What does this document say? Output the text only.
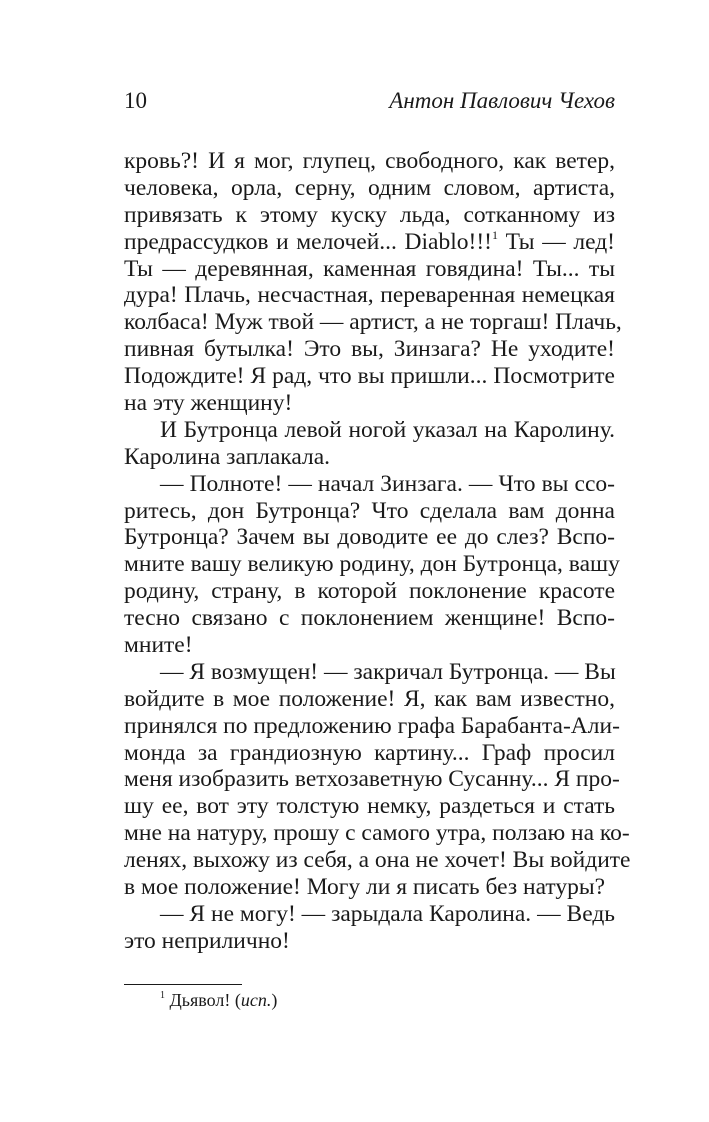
10	Антон Павлович Чехов
кровь?! И я мог, глупец, свободного, как ветер,
человека, орла, серну, одним словом, артиста,
привязать к этому куску льда, сотканному из
предрассудков и мелочей... Diablo!!!$^1$ Ты — лед!
Ты — деревянная, каменная говядина! Ты... ты
дура! Плачь, несчастная, переваренная немецкая
колбаса! Муж твой — артист, а не торгаш! Плачь,
пивная бутылка! Это вы, Зинзага? Не уходите!
Подождите! Я рад, что вы пришли... Посмотрите
на эту женщину!
И Бутронца левой ногой указал на Каролину.
Каролина заплакала.
— Полноте! — начал Зинзага. — Что вы ссо-
ритесь, дон Бутронца? Что сделала вам донна
Бутронца? Зачем вы доводите ее до слез? Вспо-
мните вашу великую родину, дон Бутронца, вашу
родину, страну, в которой поклонение красоте
тесно связано с поклонением женщине! Вспо-
мните!
— Я возмущен! — закричал Бутронца. — Вы
войдите в мое положение! Я, как вам известно,
принялся по предложению графа Барабанта-Али-
монда за грандиозную картину... Граф просил
меня изобразить ветхозаветную Сусанну... Я про-
шу ее, вот эту толстую немку, раздеться и стать
мне на натуру, прошу с самого утра, ползаю на ко-
ленях, выхожу из себя, а она не хочет! Вы войдите
в мое положение! Могу ли я писать без натуры?
— Я не могу! — зарыдала Каролина. — Ведь
это неприлично!
$^1$ Дьявол! (исп.)
